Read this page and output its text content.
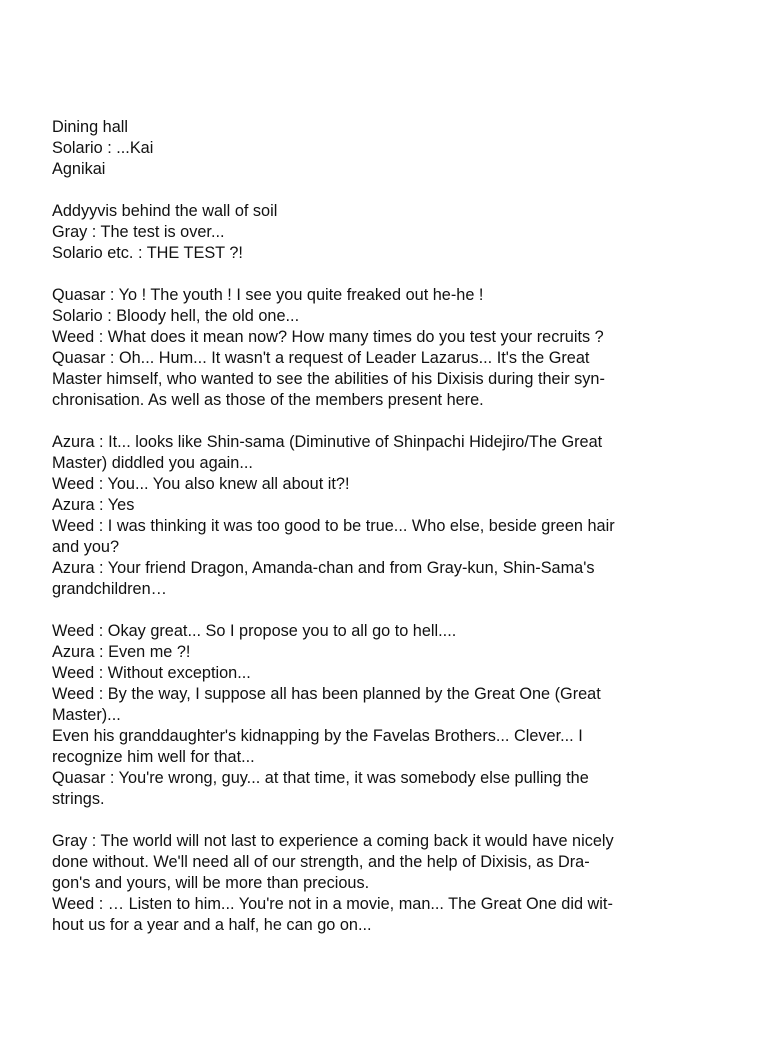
Dining hall
Solario : ...Kai
Agnikai
Addyyvis behind the wall of soil
Gray : The test is over...
Solario etc. : THE TEST ?!
Quasar : Yo ! The youth ! I see you quite freaked out he-he !
Solario : Bloody hell, the old one...
Weed : What does it mean now? How many times do you test your recruits ?
Quasar : Oh... Hum... It wasn't a request of Leader Lazarus... It's the Great
Master himself, who wanted to see the abilities of his Dixisis during their syn-
chronisation. As well as those of the members present here.
Azura : It... looks like Shin-sama (Diminutive of Shinpachi Hidejiro/The Great
Master) diddled you again...
Weed : You... You also knew all about it?!
Azura : Yes
Weed : I was thinking it was too good to be true... Who else, beside green hair
and you?
Azura : Your friend Dragon, Amanda-chan and from Gray-kun, Shin-Sama's
grandchildren…
Weed : Okay great... So I propose you to all go to hell....
Azura : Even me ?!
Weed : Without exception...
Weed : By the way, I suppose all has been planned by the Great One (Great
Master)...
Even his granddaughter's kidnapping by the Favelas Brothers... Clever... I
recognize him well for that...
Quasar : You're wrong, guy... at that time, it was somebody else pulling the
strings.
Gray : The world will not last to experience a coming back it would have nicely
done without. We'll need all of our strength, and the help of Dixisis, as Dra-
gon's and yours, will be more than precious.
Weed : … Listen to him... You're not in a movie, man... The Great One did wit-
hout us for a year and a half, he can go on...
